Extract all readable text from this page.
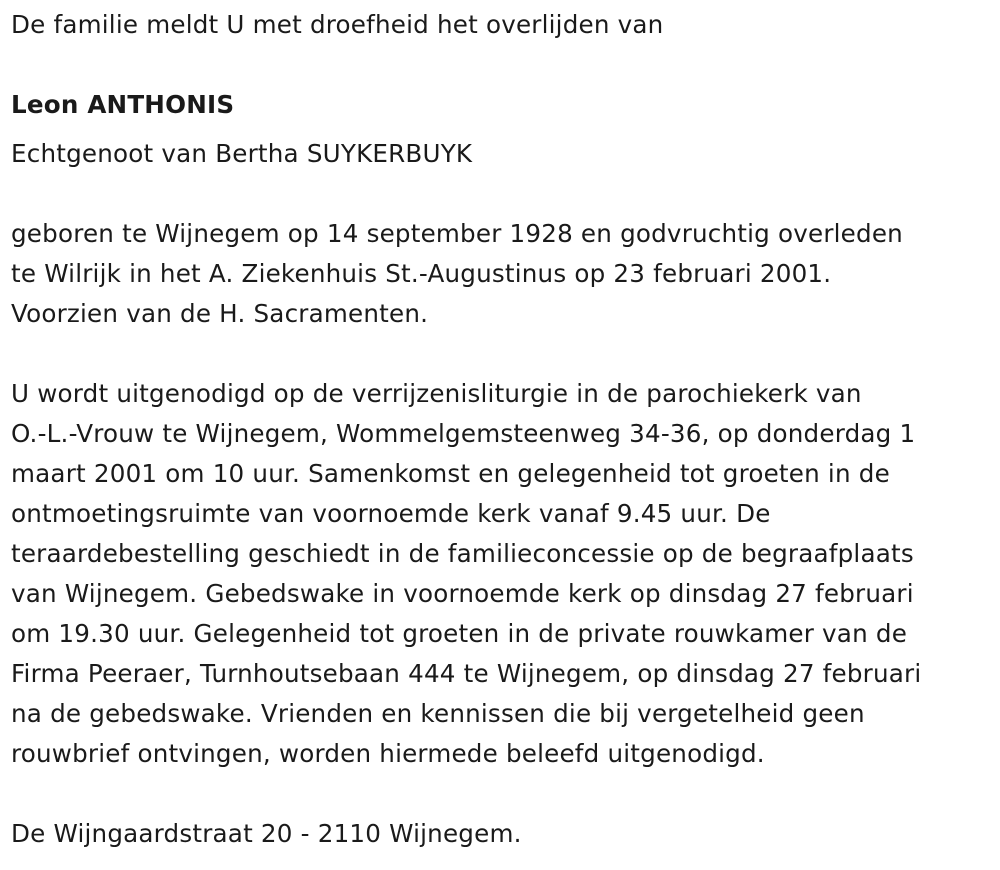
De familie meldt U met droefheid het overlijden van
Leon ANTHONIS
Echtgenoot van Bertha SUYKERBUYK
geboren te Wijnegem op 14 september 1928 en godvruchtig overleden
te Wilrijk in het A. Ziekenhuis St.-Augustinus op 23 februari 2001.
Voorzien van de H. Sacramenten.
U wordt uitgenodigd op de verrijzenisliturgie in de parochiekerk van
O.-L.-Vrouw te Wijnegem, Wommelgemsteenweg 34-36, op donderdag 1
maart 2001 om 10 uur. Samenkomst en gelegenheid tot groeten in de
ontmoetingsruimte van voornoemde kerk vanaf 9.45 uur. De
teraardebestelling geschiedt in de familieconcessie op de begraafplaats
van Wijnegem. Gebedswake in voornoemde kerk op dinsdag 27 februari
om 19.30 uur. Gelegenheid tot groeten in de private rouwkamer van de
Firma Peeraer, Turnhoutsebaan 444 te Wijnegem, op dinsdag 27 februari
na de gebedswake. Vrienden en kennissen die bij vergetelheid geen
rouwbrief ontvingen, worden hiermede beleefd uitgenodigd.
De Wijngaardstraat 20 - 2110 Wijnegem.
